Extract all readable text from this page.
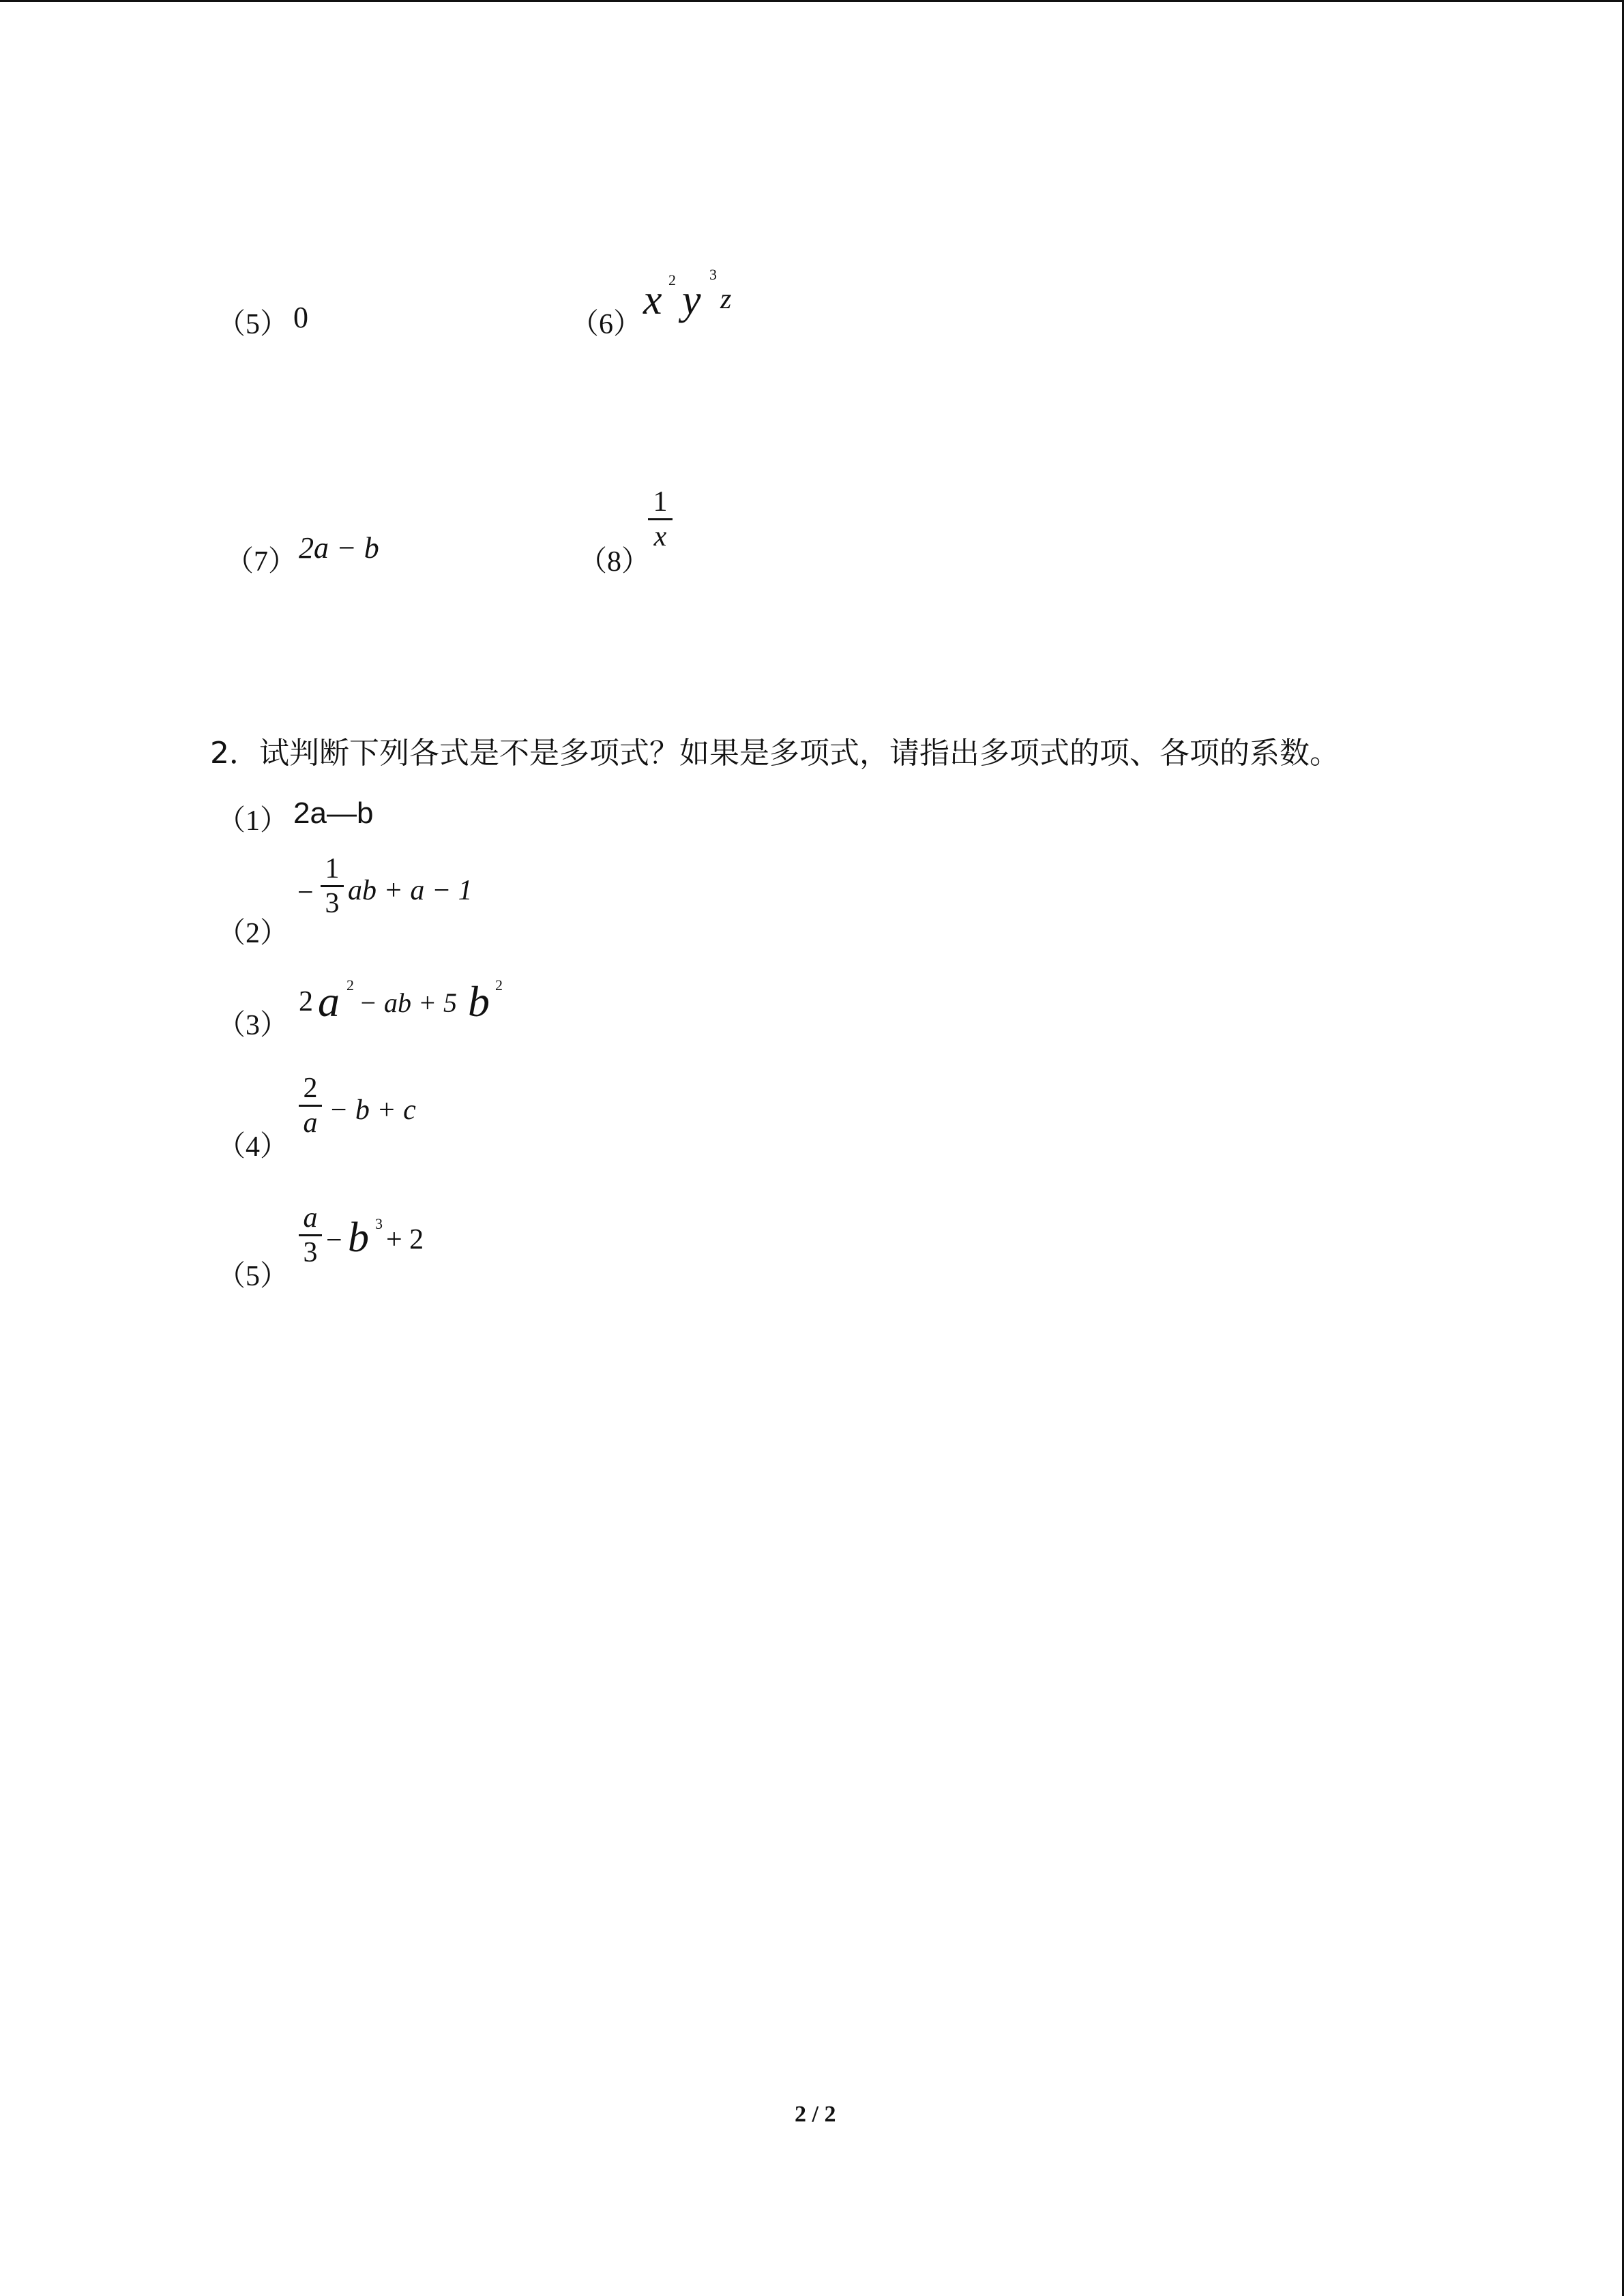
（5） 0	（6）
x 2 y
3
z
（7） 2a − b	（8）
1
x
2．试判断下列各式是不是多项式？如果是多项式，请指出多项式的项、各项的系数。
（1） 2a—b
（2）
−
1
3 ab + a − 1
（3）
2 a 2
− ab + 5 b 2
（4）
2
a − b + c
（5）
a
3 − b 3
+ 2
2 / 2
